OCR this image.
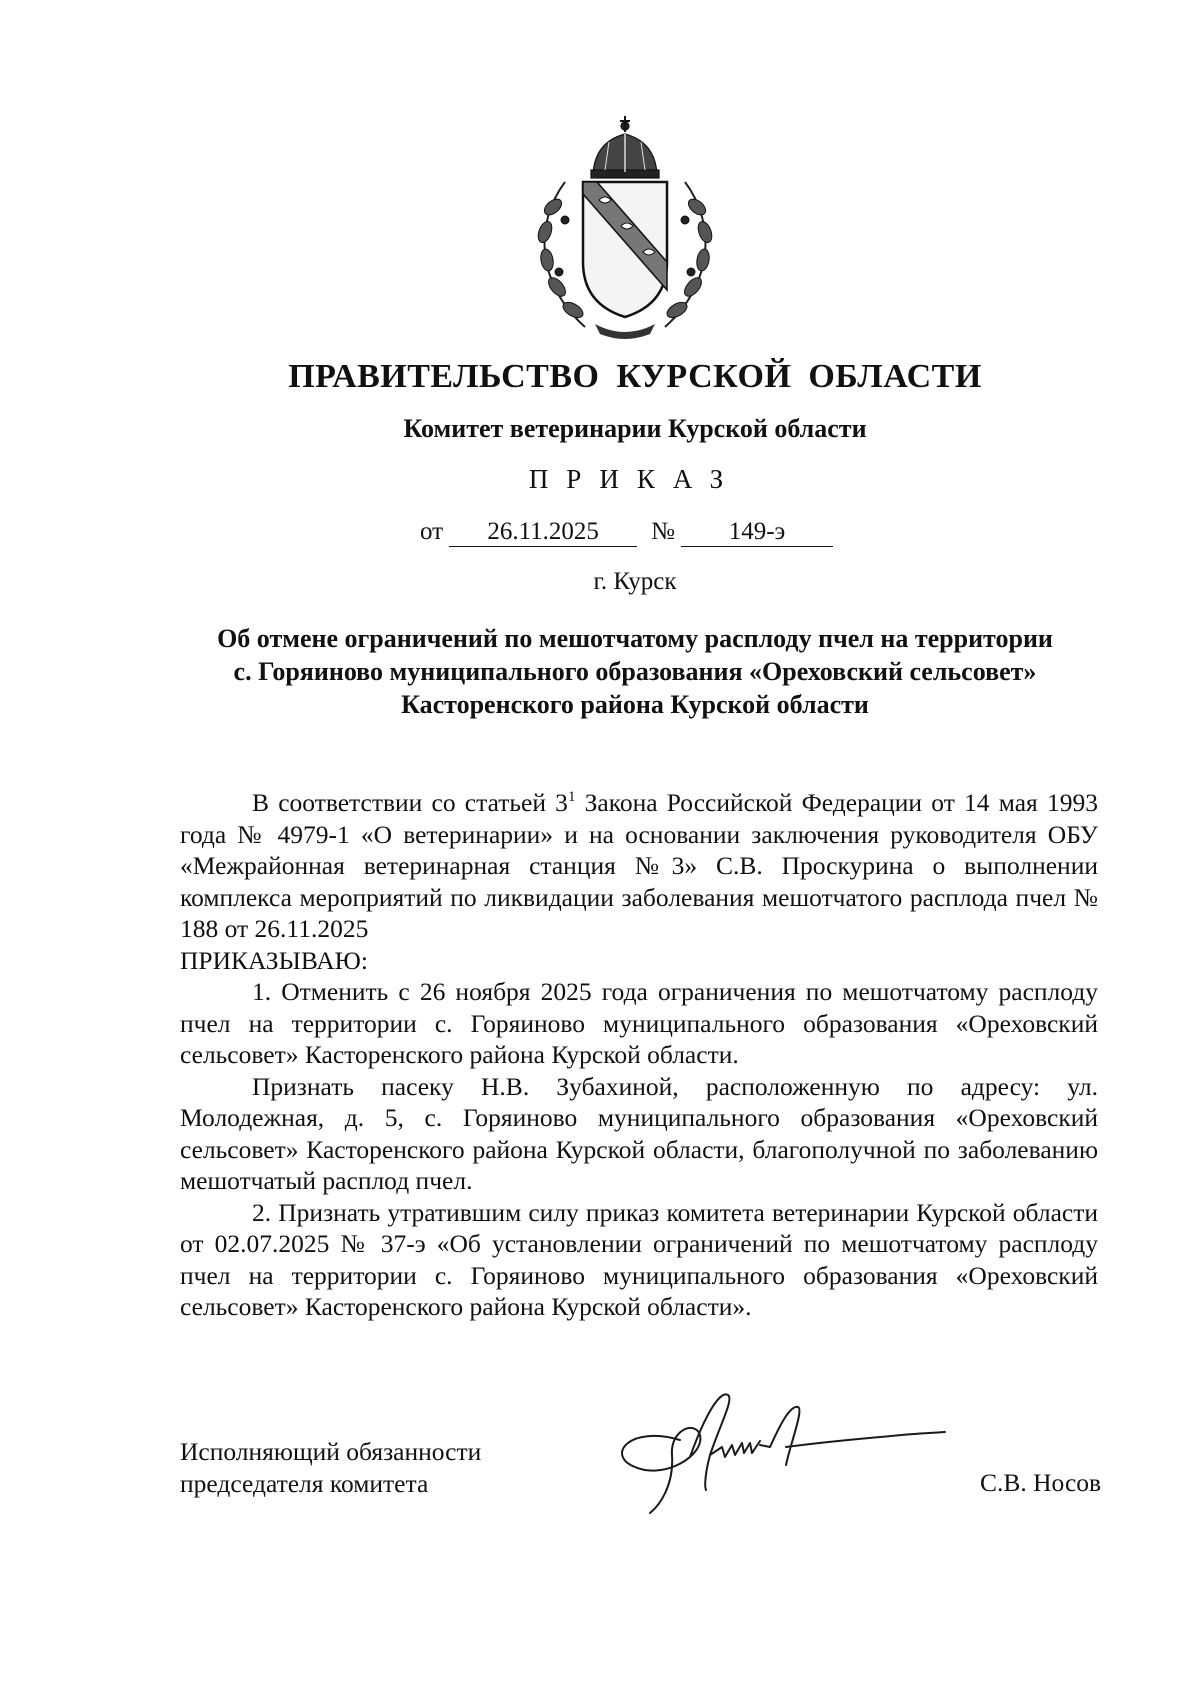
ПРАВИТЕЛЬСТВО КУРСКОЙ ОБЛАСТИ
Комитет ветеринарии Курской области
ПРИКАЗ
от 26.11.2025 № 149-э
г. Курск
Об отмене ограничений по мешотчатому расплоду пчел на территории
с. Горяиново муниципального образования «Ореховский сельсовет»
Касторенского района Курской области

В соответствии со статьей $3^1$ Закона Российской Федерации от 14 мая 1993 года № 4979-1 «О ветеринарии» и на основании заключения руководителя ОБУ «Межрайонная ветеринарная станция №3» С.В. Проскурина о выполнении комплекса мероприятий по ликвидации заболевания мешотчатого расплода пчел № 188 от 26.11.2025

ПРИКАЗЫВАЮ:

1. Отменить с 26 ноября 2025 года ограничения по мешотчатому расплоду пчел на территории с. Горяиново муниципального образования «Ореховский сельсовет» Касторенского района Курской области.

Признать пасеку Н.В. Зубахиной, расположенную по адресу: ул. Молодежная, д. 5, с. Горяиново муниципального образования «Ореховский сельсовет» Касторенского района Курской области, благополучной по заболеванию мешотчатый расплод пчел.

2. Признать утратившим силу приказ комитета ветеринарии Курской области от 02.07.2025 № 37-э «Об установлении ограничений по мешотчатому расплоду пчел на территории с. Горяиново муниципального образования «Ореховский сельсовет» Касторенского района Курской области».

Исполняющий обязанности
председателя комитета	С.В. Носов
